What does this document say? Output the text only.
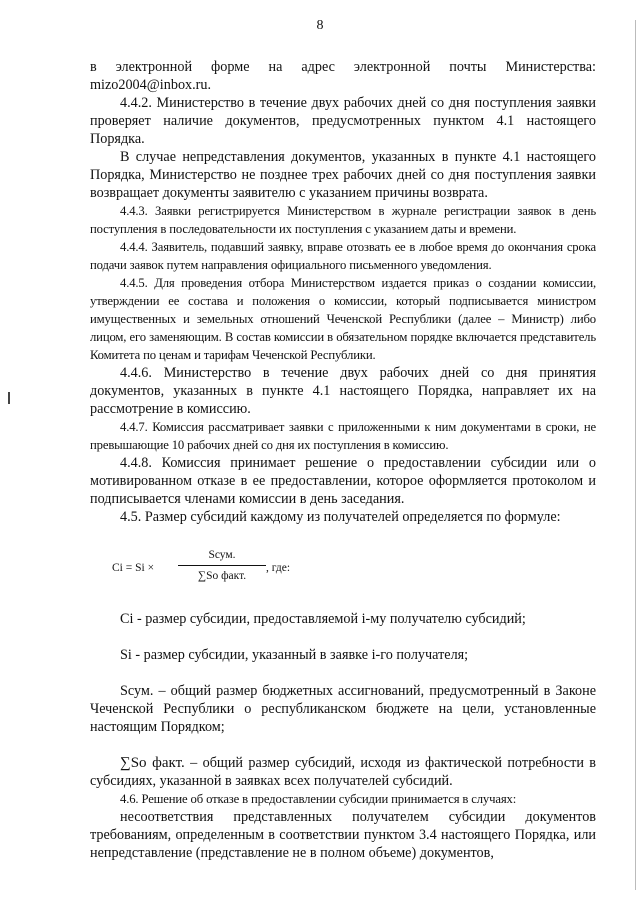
8

в электронной форме на адрес электронной почты Министерства: mizo2004@inbox.ru.

4.4.2. Министерство в течение двух рабочих дней со дня поступления заявки проверяет наличие документов, предусмотренных пунктом 4.1 настоящего Порядка.

В случае непредставления документов, указанных в пункте 4.1 настоящего Порядка, Министерство не позднее трех рабочих дней со дня поступления заявки возвращает документы заявителю с указанием причины возврата.

4.4.3. Заявки регистрируется Министерством в журнале регистрации заявок в день поступления в последовательности их поступления с указанием даты и времени.

4.4.4. Заявитель, подавший заявку, вправе отозвать ее в любое время до окончания срока подачи заявок путем направления официального письменного уведомления.

4.4.5. Для проведения отбора Министерством издается приказ о создании комиссии, утверждении ее состава и положения о комиссии, который подписывается министром имущественных и земельных отношений Чеченской Республики (далее – Министр) либо лицом, его заменяющим. В состав комиссии в обязательном порядке включается представитель Комитета по ценам и тарифам Чеченской Республики.

4.4.6. Министерство в течение двух рабочих дней со дня принятия документов, указанных в пункте 4.1 настоящего Порядка, направляет их на рассмотрение в комиссию.

4.4.7. Комиссия рассматривает заявки с приложенными к ним документами в сроки, не превышающие 10 рабочих дней со дня их поступления в комиссию.

4.4.8. Комиссия принимает решение о предоставлении субсидии или о мотивированном отказе в ее предоставлении, которое оформляется протоколом и подписывается членами комиссии в день заседания.

4.5. Размер субсидий каждому из получателей определяется по формуле:

Ci = Si ×
Sсум.
∑So факт.
, где:

Ci - размер субсидии, предоставляемой i-му получателю субсидий;

Si - размер субсидии, указанный в заявке i-го получателя;

Sсум. – общий размер бюджетных ассигнований, предусмотренный в Законе Чеченской Республики о республиканском бюджете на цели, установленные настоящим Порядком;

∑So факт. – общий размер субсидий, исходя из фактической потребности в субсидиях, указанной в заявках всех получателей субсидий.

4.6. Решение об отказе в предоставлении субсидии принимается в случаях:

несоответствия представленных получателем субсидии документов требованиям, определенным в соответствии пунктом 3.4 настоящего Порядка, или непредставление (представление не в полном объеме) документов,
